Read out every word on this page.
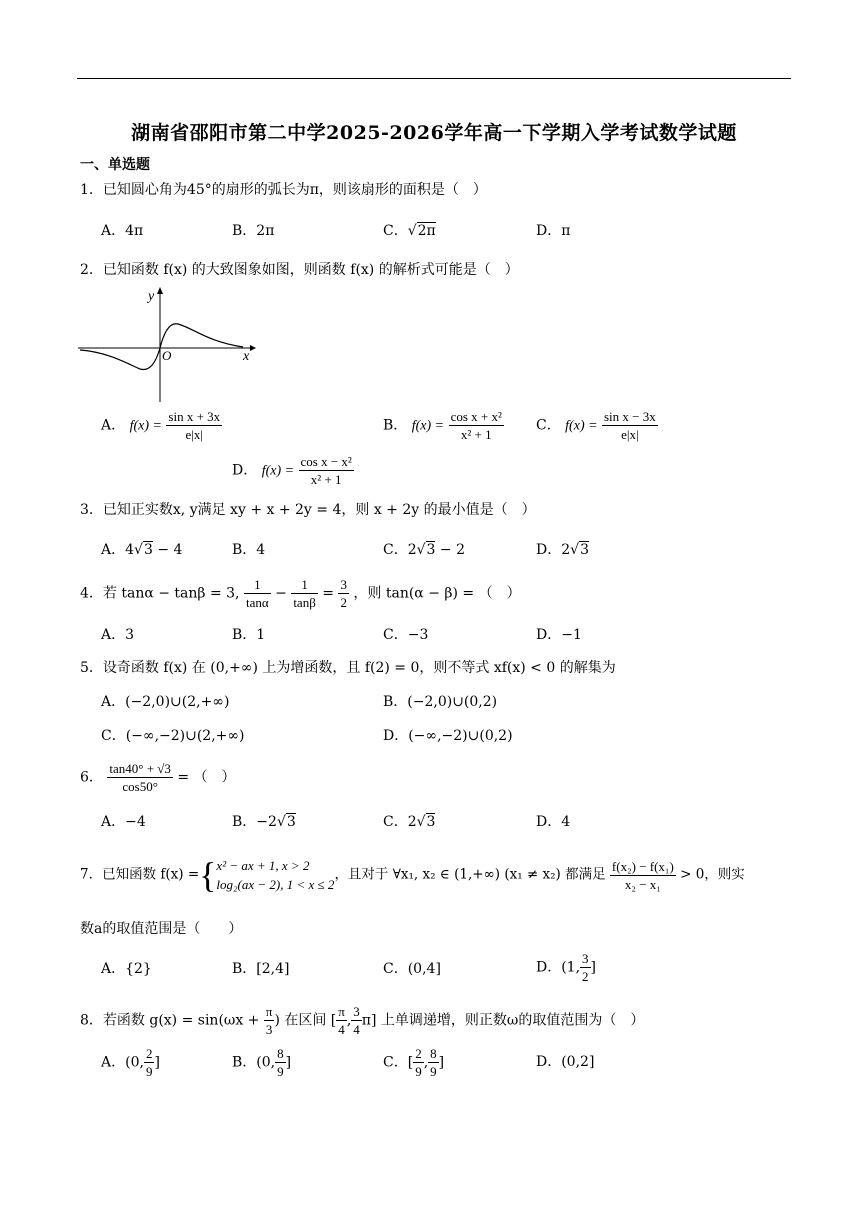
湖南省邵阳市第二中学2025-2026学年高一下学期入学考试数学试题
一、单选题
1．已知圆心角为45°的扇形的弧长为π，则该扇形的面积是（　）
A．4π	B．2π	C．√2π	D．π
2．已知函数 f(x) 的大致图象如图，则函数 f(x) 的解析式可能是（　）
y
x
O
A． $f(x) = \frac{\text{sin x + 3x}}{e|x|}$	B． $f(x) = \frac{\text{cos x + x²}}{\text{x² + 1}}$ C． $f(x) = \frac{\text{sin x − 3x}}{e|x|}$
D． $f(x) = \frac{\text{cos x − x²}}{\text{x² + 1}}$
3．已知正实数x, y满足 xy + x + 2y = 4，则 x + 2y 的最小值是（　）
A．4√3 − 4	B．4	C．2√3 − 2	D．2√3
4．若 tanα − tanβ = 3, $\frac{1}{\tan\alpha} - \frac{1}{\tan\beta} = \frac{3}{2}$ ，则 tan(α − β) = （　）
A．3	B．1	C．−3	D．−1
5．设奇函数 f(x) 在 (0,+∞) 上为增函数，且 f(2) = 0，则不等式 xf(x) < 0 的解集为
A．(−2,0)∪(2,+∞)	B．(−2,0)∪(0,2)
C．(−∞,−2)∪(2,+∞)	D．(−∞,−2)∪(0,2)
6． $\frac{\tan 40^\circ + √3}{\cos 50^\circ}$ = （　）
A．−4	B．−2√3	C．2√3	D．4
7．已知函数 f(x) ={ x² − ax + 1, x > 2
log₂(ax − 2), 1 < x ≤ 2
，且对于 ∀x₁, x₂ ∈ (1,+∞) (x₁ ≠ x₂) 都满足 $\frac{\text{f(x₂) − f(x₁)}}{\text{x₂ − x₁}} > 0$，则实
数a的取值范围是（　　）
A．{2}	B．[2,4]	C．(0,4]	D．(1, $\frac{3}{2}$ ]
8．若函数 $g(x) = \sin(\omega x + \frac{\pi}{3}$ ) 在区间 [ $\frac{\pi}{4}$ , $\frac{3}{4} \pi$] 上单调递增，则正数ω的取值范围为（　）
A．(0, $\frac{2}{9}$ ]	B．(0, $\frac{8}{9}$ ]	C．[ $\frac{2}{9}$ , $\frac{8}{9}$ ]	D．(0,2]
